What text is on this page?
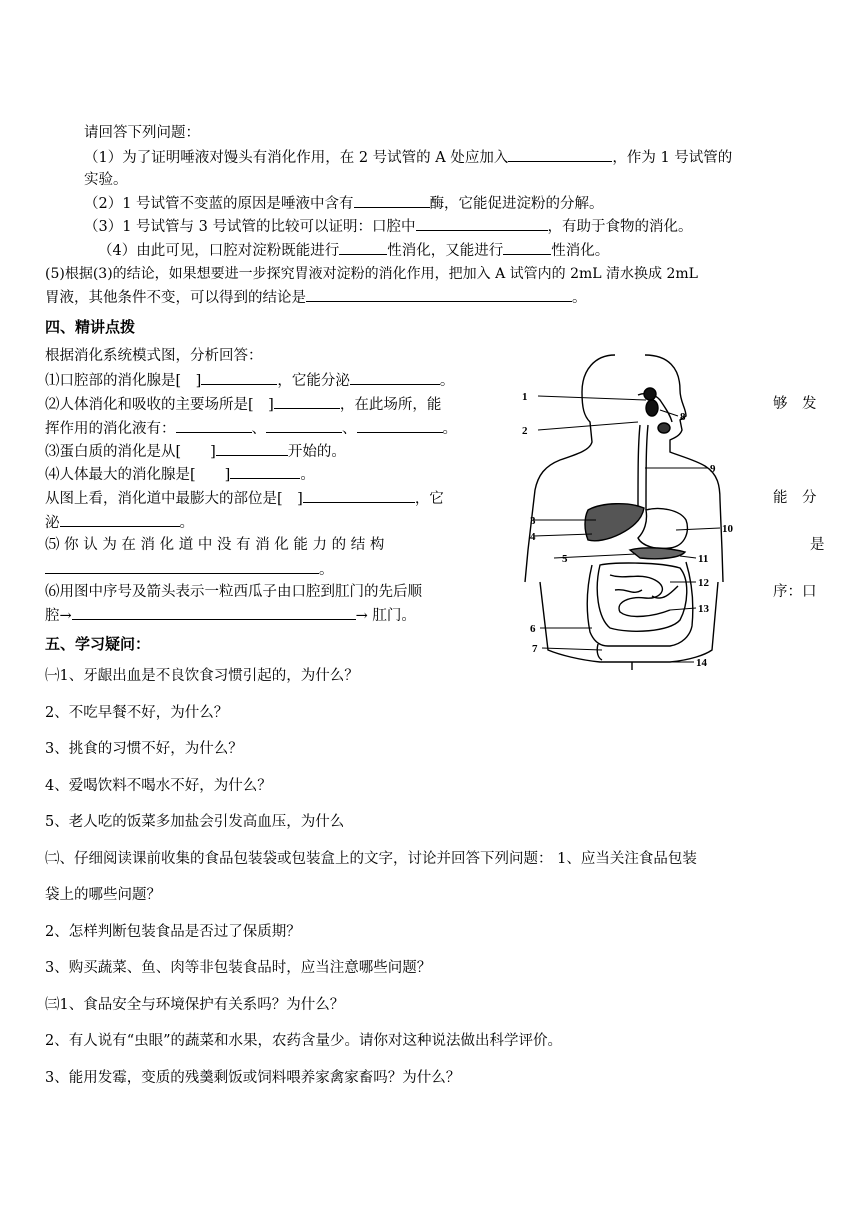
请回答下列问题：
（1）为了证明唾液对馒头有消化作用，在 2 号试管的 A 处应加入	，作为 1 号试管的
实验。
（2）1 号试管不变蓝的原因是唾液中含有	酶，它能促进淀粉的分解。
（3）1 号试管与 3 号试管的比较可以证明：口腔中	，有助于食物的消化。
（4）由此可见，口腔对淀粉既能进行	性消化，又能进行	性消化。
(5)根据(3)的结论，如果想要进一步探究胃液对淀粉的消化作用，把加入 A 试管内的 2mL 清水换成 2mL
胃液，其他条件不变，可以得到的结论是	。
四、精讲点拨
根据消化系统模式图，分析回答：
⑴口腔部的消化腺是[　]	，它能分泌	。
⑵人体消化和吸收的主要场所是[　]	，在此场所，能	够　发
挥作用的消化液有：	、	、	。
⑶蛋白质的消化是从[　　]	开始的。
⑷人体最大的消化腺是[　　]	。
从图上看，消化道中最膨大的部位是[　]	，它	能　分
泌	。
⑸ 你 认 为 在 消 化 道 中 没 有 消 化 能 力 的 结 构	是
。
⑹用图中序号及箭头表示一粒西瓜子由口腔到肛门的先后顺	序：口
腔→	→ 肛门。
1
2
3
4
5
6
7
8
9
10
11
12
13
14
五、学习疑问：
㈠1、牙龈出血是不良饮食习惯引起的，为什么？
2、不吃早餐不好，为什么？
3、挑食的习惯不好，为什么？
4、爱喝饮料不喝水不好，为什么？
5、老人吃的饭菜多加盐会引发高血压，为什么
㈡、仔细阅读课前收集的食品包装袋或包装盒上的文字，讨论并回答下列问题： 1、应当关注食品包装
袋上的哪些问题？
2、怎样判断包装食品是否过了保质期？
3、购买蔬菜、鱼、肉等非包装食品时，应当注意哪些问题？
㈢1、食品安全与环境保护有关系吗？为什么？
2、有人说有“虫眼”的蔬菜和水果，农药含量少。请你对这种说法做出科学评价。
3、能用发霉，变质的残羹剩饭或饲料喂养家禽家畜吗？为什么？
